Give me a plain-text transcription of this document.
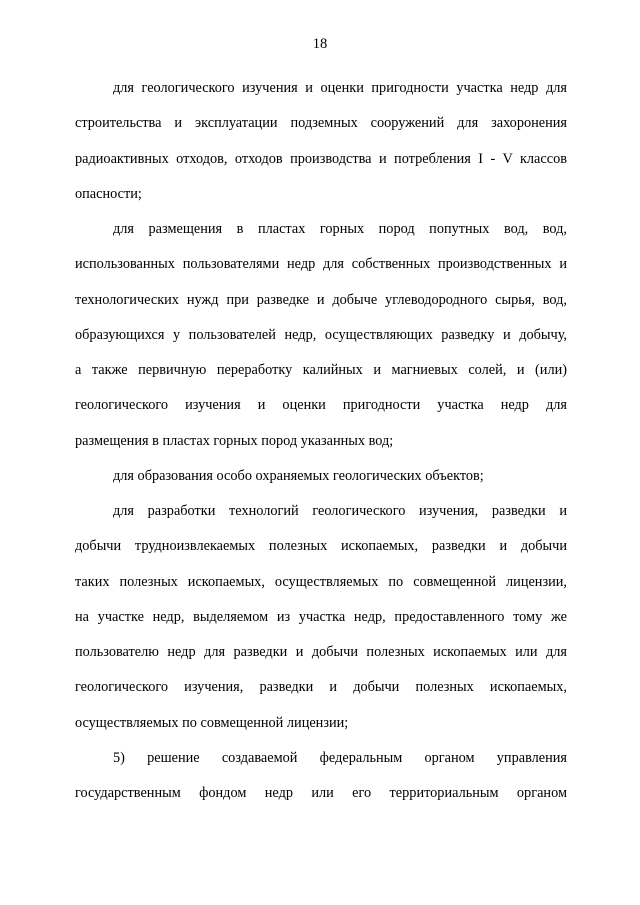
18
для геологического изучения и оценки пригодности участка недр для
строительства и эксплуатации подземных сооружений для захоронения
радиоактивных отходов, отходов производства и потребления I - V классов
опасности;
для размещения в пластах горных пород попутных вод, вод,
использованных пользователями недр для собственных производственных и
технологических нужд при разведке и добыче углеводородного сырья, вод,
образующихся у пользователей недр, осуществляющих разведку и добычу,
а также первичную переработку калийных и магниевых солей, и (или)
геологического изучения и оценки пригодности участка недр для
размещения в пластах горных пород указанных вод;
для образования особо охраняемых геологических объектов;
для разработки технологий геологического изучения, разведки и
добычи трудноизвлекаемых полезных ископаемых, разведки и добычи
таких полезных ископаемых, осуществляемых по совмещенной лицензии,
на участке недр, выделяемом из участка недр, предоставленного тому же
пользователю недр для разведки и добычи полезных ископаемых или для
геологического изучения, разведки и добычи полезных ископаемых,
осуществляемых по совмещенной лицензии;
5) решение создаваемой федеральным органом управления
государственным фондом недр или его территориальным органом
